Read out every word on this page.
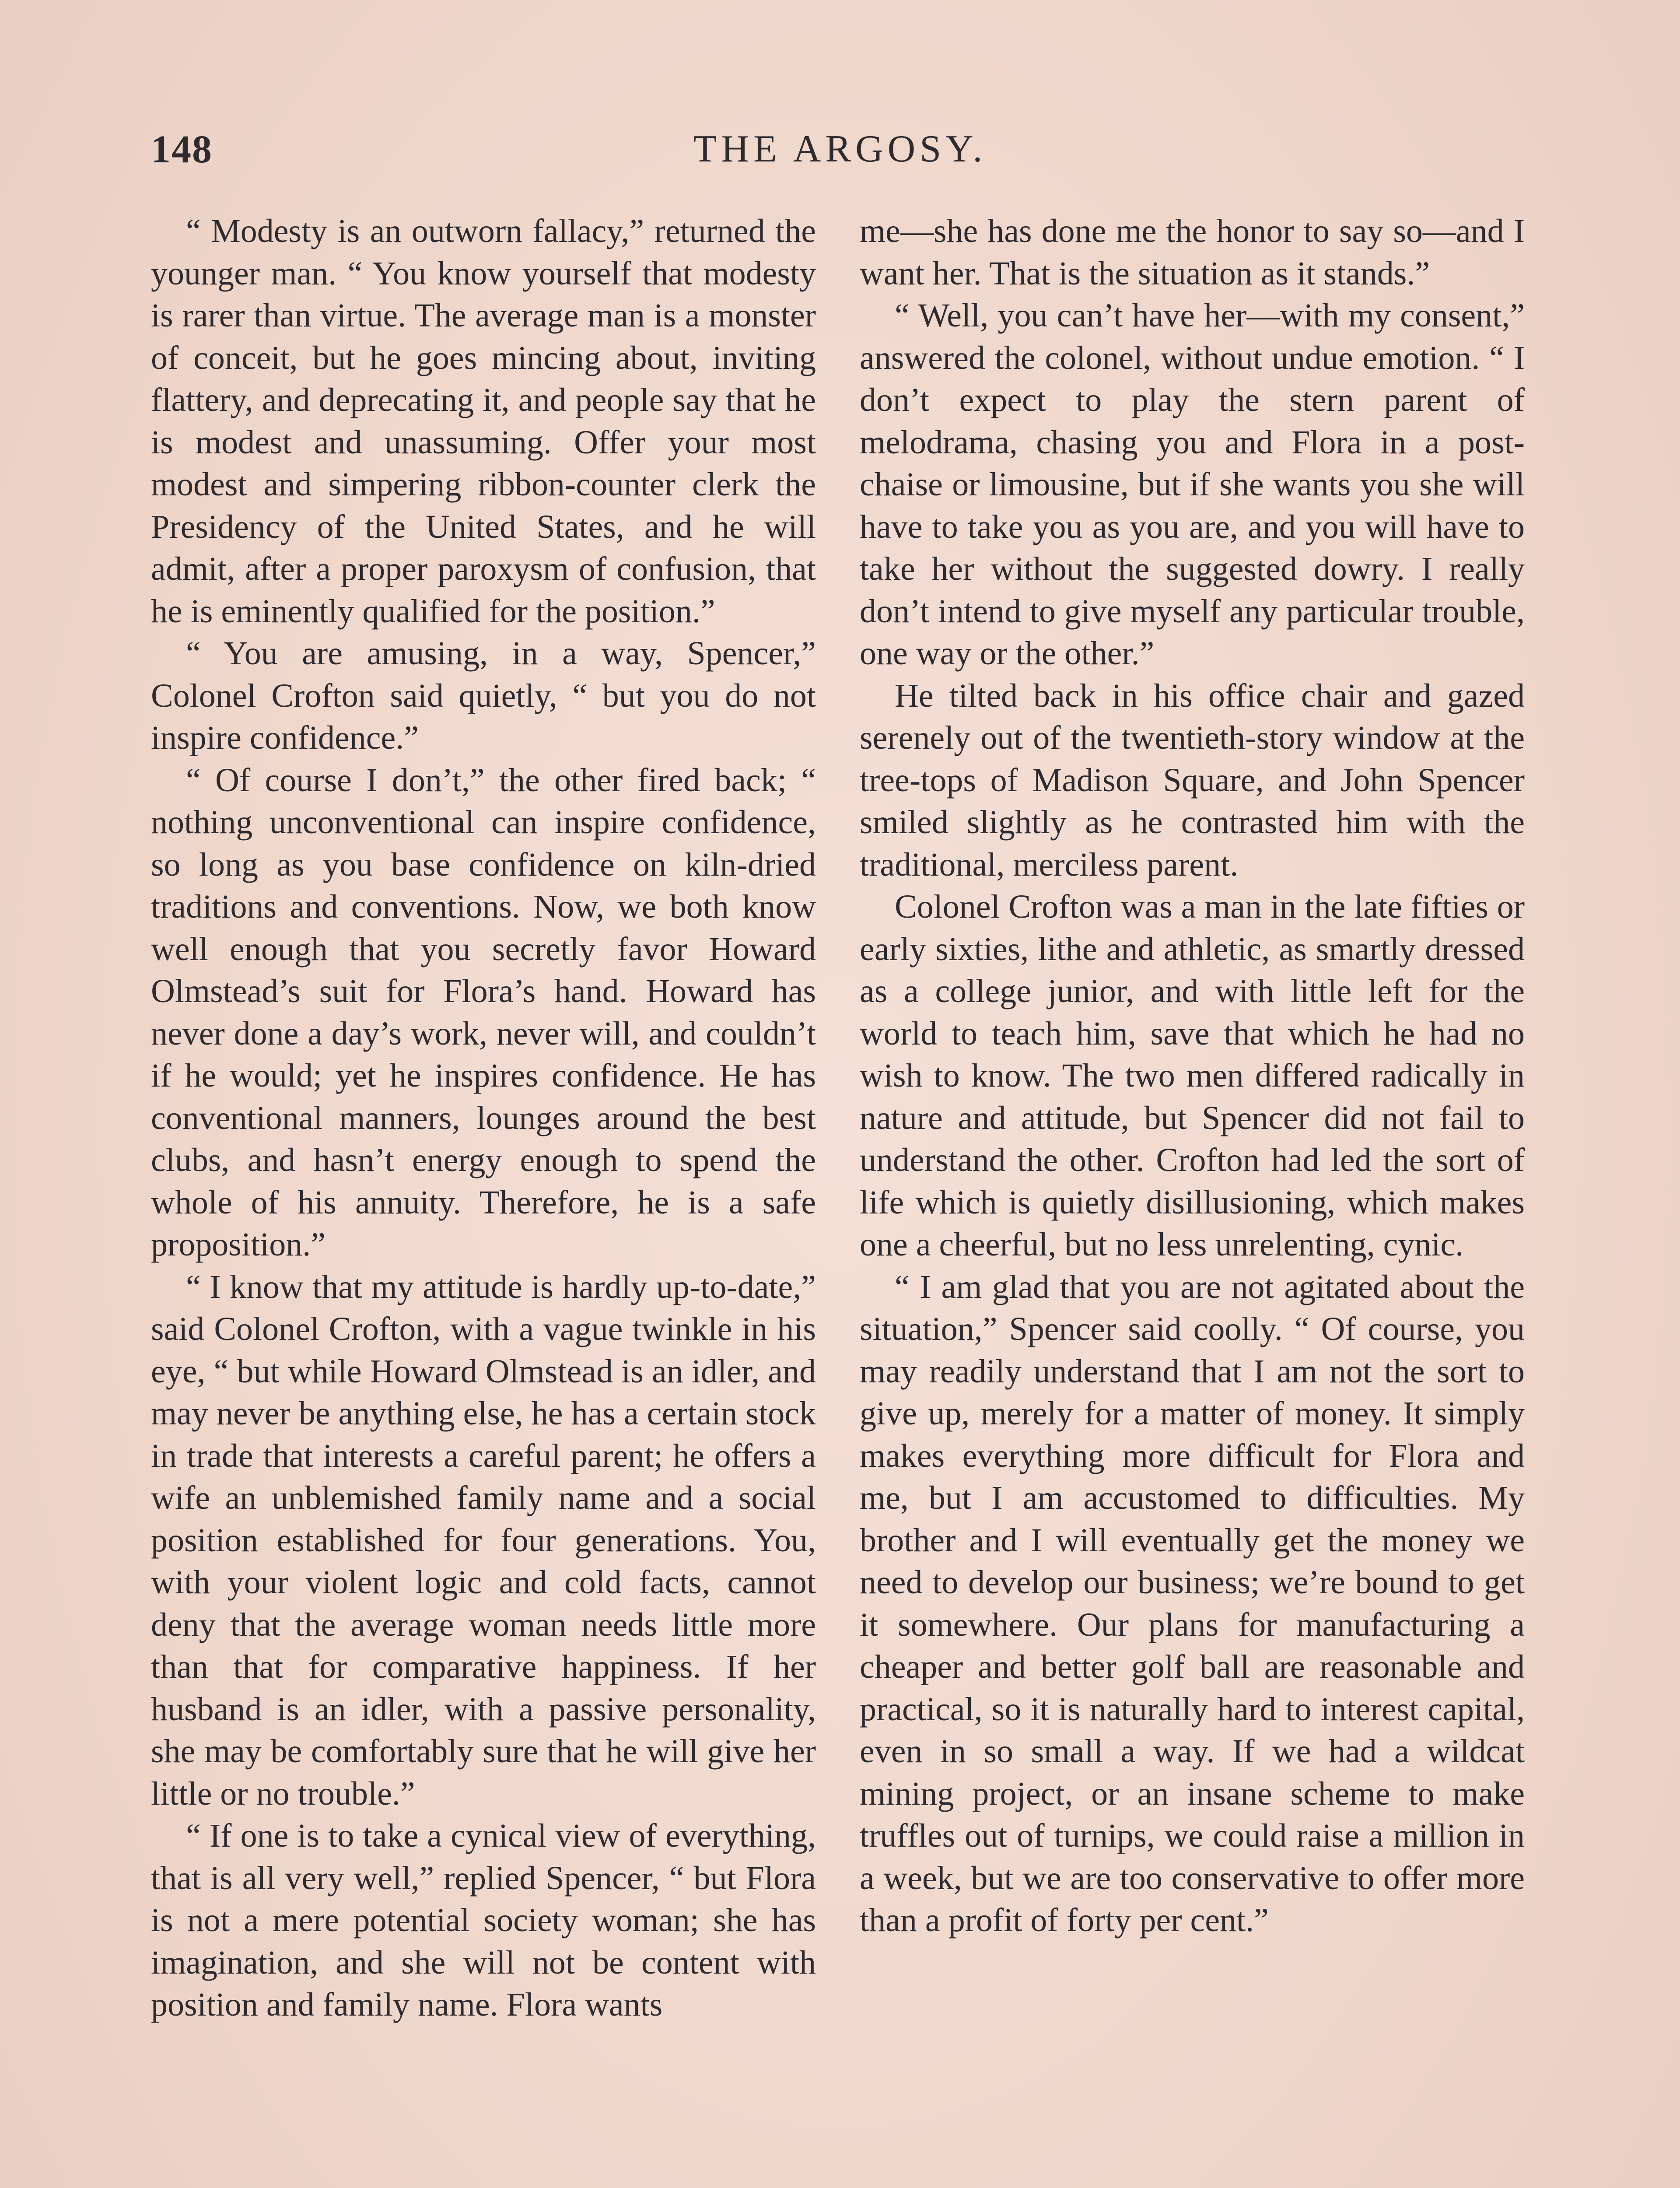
148	THE ARGOSY.

“ Modesty is an outworn fallacy,” returned the younger man. “ You know yourself that modesty is rarer than virtue. The average man is a monster of conceit, but he goes mincing about, inviting flattery, and deprecating it, and people say that he is modest and unassuming. Offer your most modest and simpering ribbon-counter clerk the Presidency of the United States, and he will admit, after a proper paroxysm of confusion, that he is eminently qualified for the position.”

“ You are amusing, in a way, Spencer,” Colonel Crofton said quietly, “ but you do not inspire confidence.”

“ Of course I don’t,” the other fired back; “ nothing unconventional can inspire confidence, so long as you base confidence on kiln-dried traditions and conventions. Now, we both know well enough that you secretly favor Howard Olmstead’s suit for Flora’s hand. Howard has never done a day’s work, never will, and couldn’t if he would; yet he inspires confidence. He has conventional manners, lounges around the best clubs, and hasn’t energy enough to spend the whole of his annuity. Therefore, he is a safe proposition.”

“ I know that my attitude is hardly up-to-date,” said Colonel Crofton, with a vague twinkle in his eye, “ but while Howard Olmstead is an idler, and may never be anything else, he has a certain stock in trade that interests a careful parent; he offers a wife an unblemished family name and a social position established for four generations. You, with your violent logic and cold facts, cannot deny that the average woman needs little more than that for comparative happiness. If her husband is an idler, with a passive personality, she may be comfortably sure that he will give her little or no trouble.”

“ If one is to take a cynical view of everything, that is all very well,” replied Spencer, “ but Flora is not a mere potential society woman; she has imagination, and she will not be content with position and family name. Flora wants

me—she has done me the honor to say so—and I want her. That is the situation as it stands.”

“ Well, you can’t have her—with my consent,” answered the colonel, without undue emotion. “ I don’t expect to play the stern parent of melodrama, chasing you and Flora in a post-chaise or limousine, but if she wants you she will have to take you as you are, and you will have to take her without the suggested dowry. I really don’t intend to give myself any particular trouble, one way or the other.”

He tilted back in his office chair and gazed serenely out of the twentieth-story window at the tree-tops of Madison Square, and John Spencer smiled slightly as he contrasted him with the traditional, merciless parent.

Colonel Crofton was a man in the late fifties or early sixties, lithe and athletic, as smartly dressed as a college junior, and with little left for the world to teach him, save that which he had no wish to know. The two men differed radically in nature and attitude, but Spencer did not fail to understand the other. Crofton had led the sort of life which is quietly disillusioning, which makes one a cheerful, but no less unrelenting, cynic.

“ I am glad that you are not agitated about the situation,” Spencer said coolly. “ Of course, you may readily understand that I am not the sort to give up, merely for a matter of money. It simply makes everything more difficult for Flora and me, but I am accustomed to difficulties. My brother and I will eventually get the money we need to develop our business; we’re bound to get it somewhere. Our plans for manufacturing a cheaper and better golf ball are reasonable and practical, so it is naturally hard to interest capital, even in so small a way. If we had a wildcat mining project, or an insane scheme to make truffles out of turnips, we could raise a million in a week, but we are too conservative to offer more than a profit of forty per cent.”
